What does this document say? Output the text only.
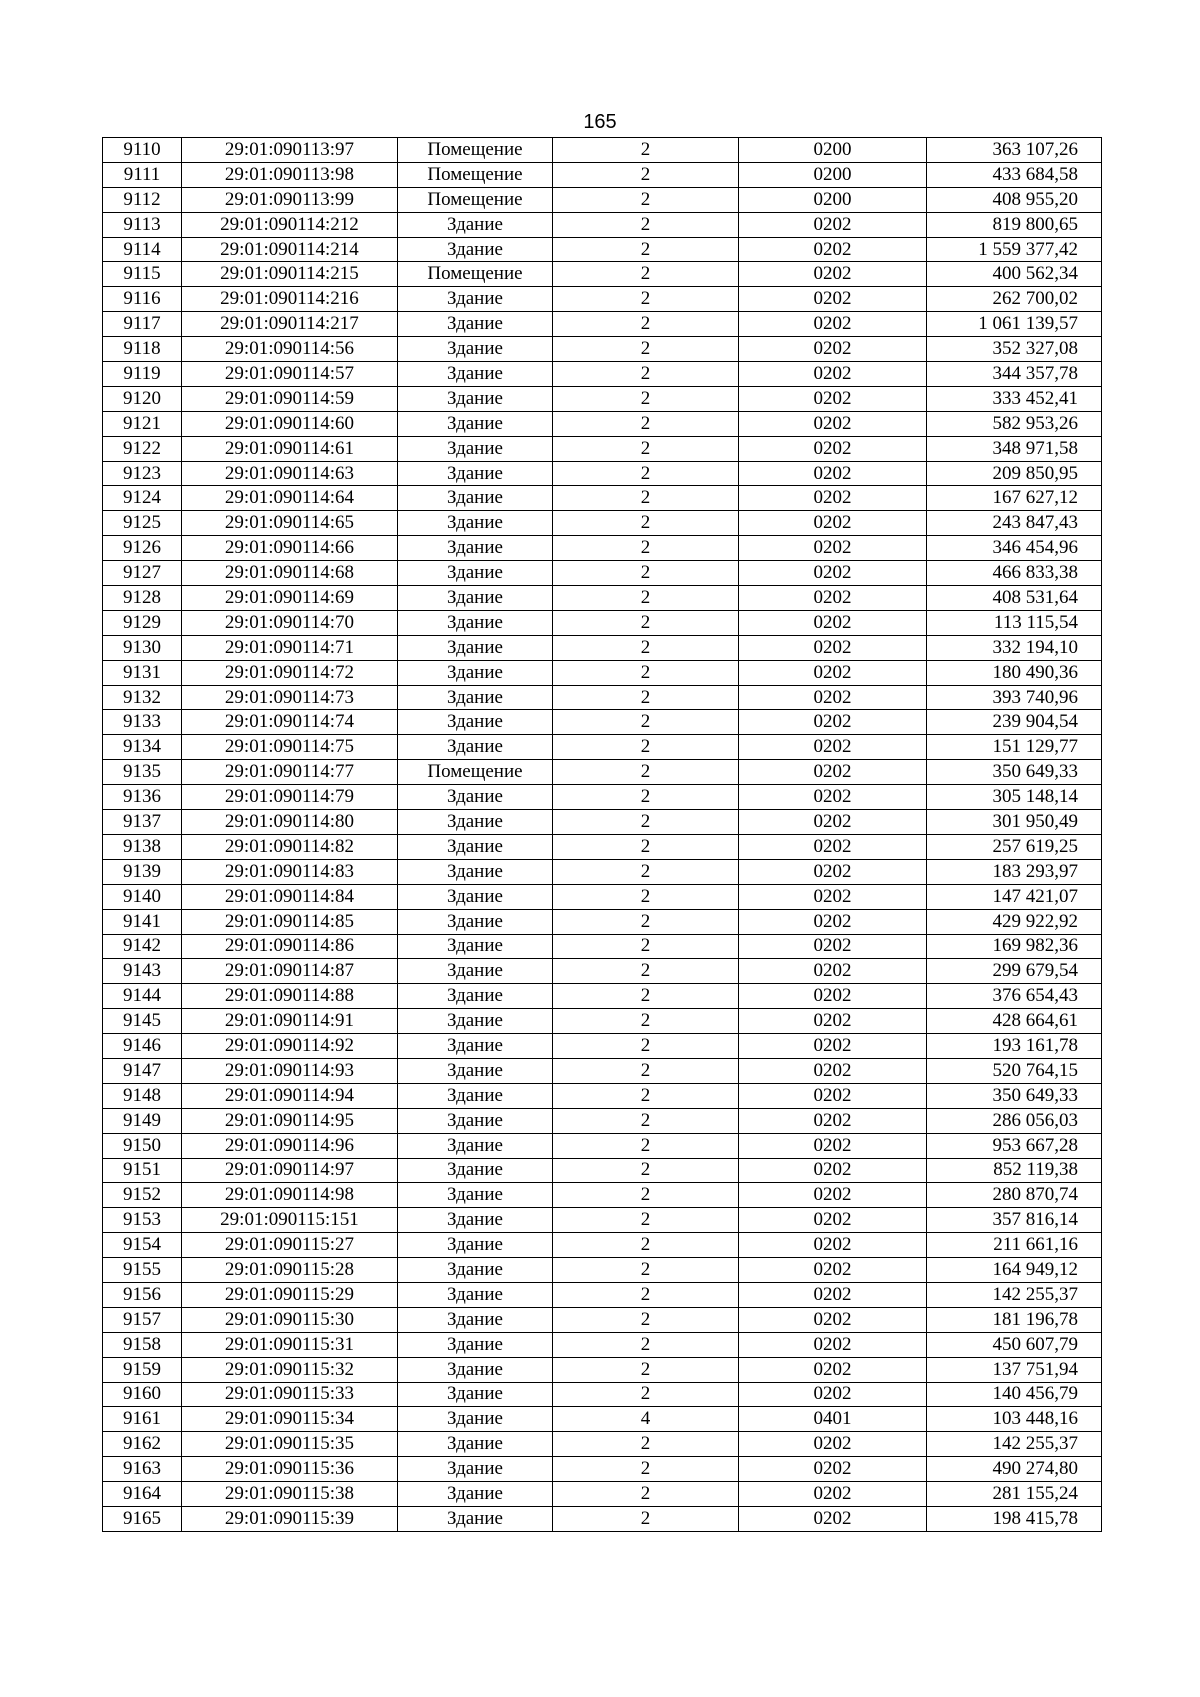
165
9110	29:01:090113:97	Помещение	2	0200	363 107,26
9111	29:01:090113:98	Помещение	2	0200	433 684,58
9112	29:01:090113:99	Помещение	2	0200	408 955,20
9113	29:01:090114:212	Здание	2	0202	819 800,65
9114	29:01:090114:214	Здание	2	0202	1 559 377,42
9115	29:01:090114:215	Помещение	2	0202	400 562,34
9116	29:01:090114:216	Здание	2	0202	262 700,02
9117	29:01:090114:217	Здание	2	0202	1 061 139,57
9118	29:01:090114:56	Здание	2	0202	352 327,08
9119	29:01:090114:57	Здание	2	0202	344 357,78
9120	29:01:090114:59	Здание	2	0202	333 452,41
9121	29:01:090114:60	Здание	2	0202	582 953,26
9122	29:01:090114:61	Здание	2	0202	348 971,58
9123	29:01:090114:63	Здание	2	0202	209 850,95
9124	29:01:090114:64	Здание	2	0202	167 627,12
9125	29:01:090114:65	Здание	2	0202	243 847,43
9126	29:01:090114:66	Здание	2	0202	346 454,96
9127	29:01:090114:68	Здание	2	0202	466 833,38
9128	29:01:090114:69	Здание	2	0202	408 531,64
9129	29:01:090114:70	Здание	2	0202	113 115,54
9130	29:01:090114:71	Здание	2	0202	332 194,10
9131	29:01:090114:72	Здание	2	0202	180 490,36
9132	29:01:090114:73	Здание	2	0202	393 740,96
9133	29:01:090114:74	Здание	2	0202	239 904,54
9134	29:01:090114:75	Здание	2	0202	151 129,77
9135	29:01:090114:77	Помещение	2	0202	350 649,33
9136	29:01:090114:79	Здание	2	0202	305 148,14
9137	29:01:090114:80	Здание	2	0202	301 950,49
9138	29:01:090114:82	Здание	2	0202	257 619,25
9139	29:01:090114:83	Здание	2	0202	183 293,97
9140	29:01:090114:84	Здание	2	0202	147 421,07
9141	29:01:090114:85	Здание	2	0202	429 922,92
9142	29:01:090114:86	Здание	2	0202	169 982,36
9143	29:01:090114:87	Здание	2	0202	299 679,54
9144	29:01:090114:88	Здание	2	0202	376 654,43
9145	29:01:090114:91	Здание	2	0202	428 664,61
9146	29:01:090114:92	Здание	2	0202	193 161,78
9147	29:01:090114:93	Здание	2	0202	520 764,15
9148	29:01:090114:94	Здание	2	0202	350 649,33
9149	29:01:090114:95	Здание	2	0202	286 056,03
9150	29:01:090114:96	Здание	2	0202	953 667,28
9151	29:01:090114:97	Здание	2	0202	852 119,38
9152	29:01:090114:98	Здание	2	0202	280 870,74
9153	29:01:090115:151	Здание	2	0202	357 816,14
9154	29:01:090115:27	Здание	2	0202	211 661,16
9155	29:01:090115:28	Здание	2	0202	164 949,12
9156	29:01:090115:29	Здание	2	0202	142 255,37
9157	29:01:090115:30	Здание	2	0202	181 196,78
9158	29:01:090115:31	Здание	2	0202	450 607,79
9159	29:01:090115:32	Здание	2	0202	137 751,94
9160	29:01:090115:33	Здание	2	0202	140 456,79
9161	29:01:090115:34	Здание	4	0401	103 448,16
9162	29:01:090115:35	Здание	2	0202	142 255,37
9163	29:01:090115:36	Здание	2	0202	490 274,80
9164	29:01:090115:38	Здание	2	0202	281 155,24
9165	29:01:090115:39	Здание	2	0202	198 415,78
